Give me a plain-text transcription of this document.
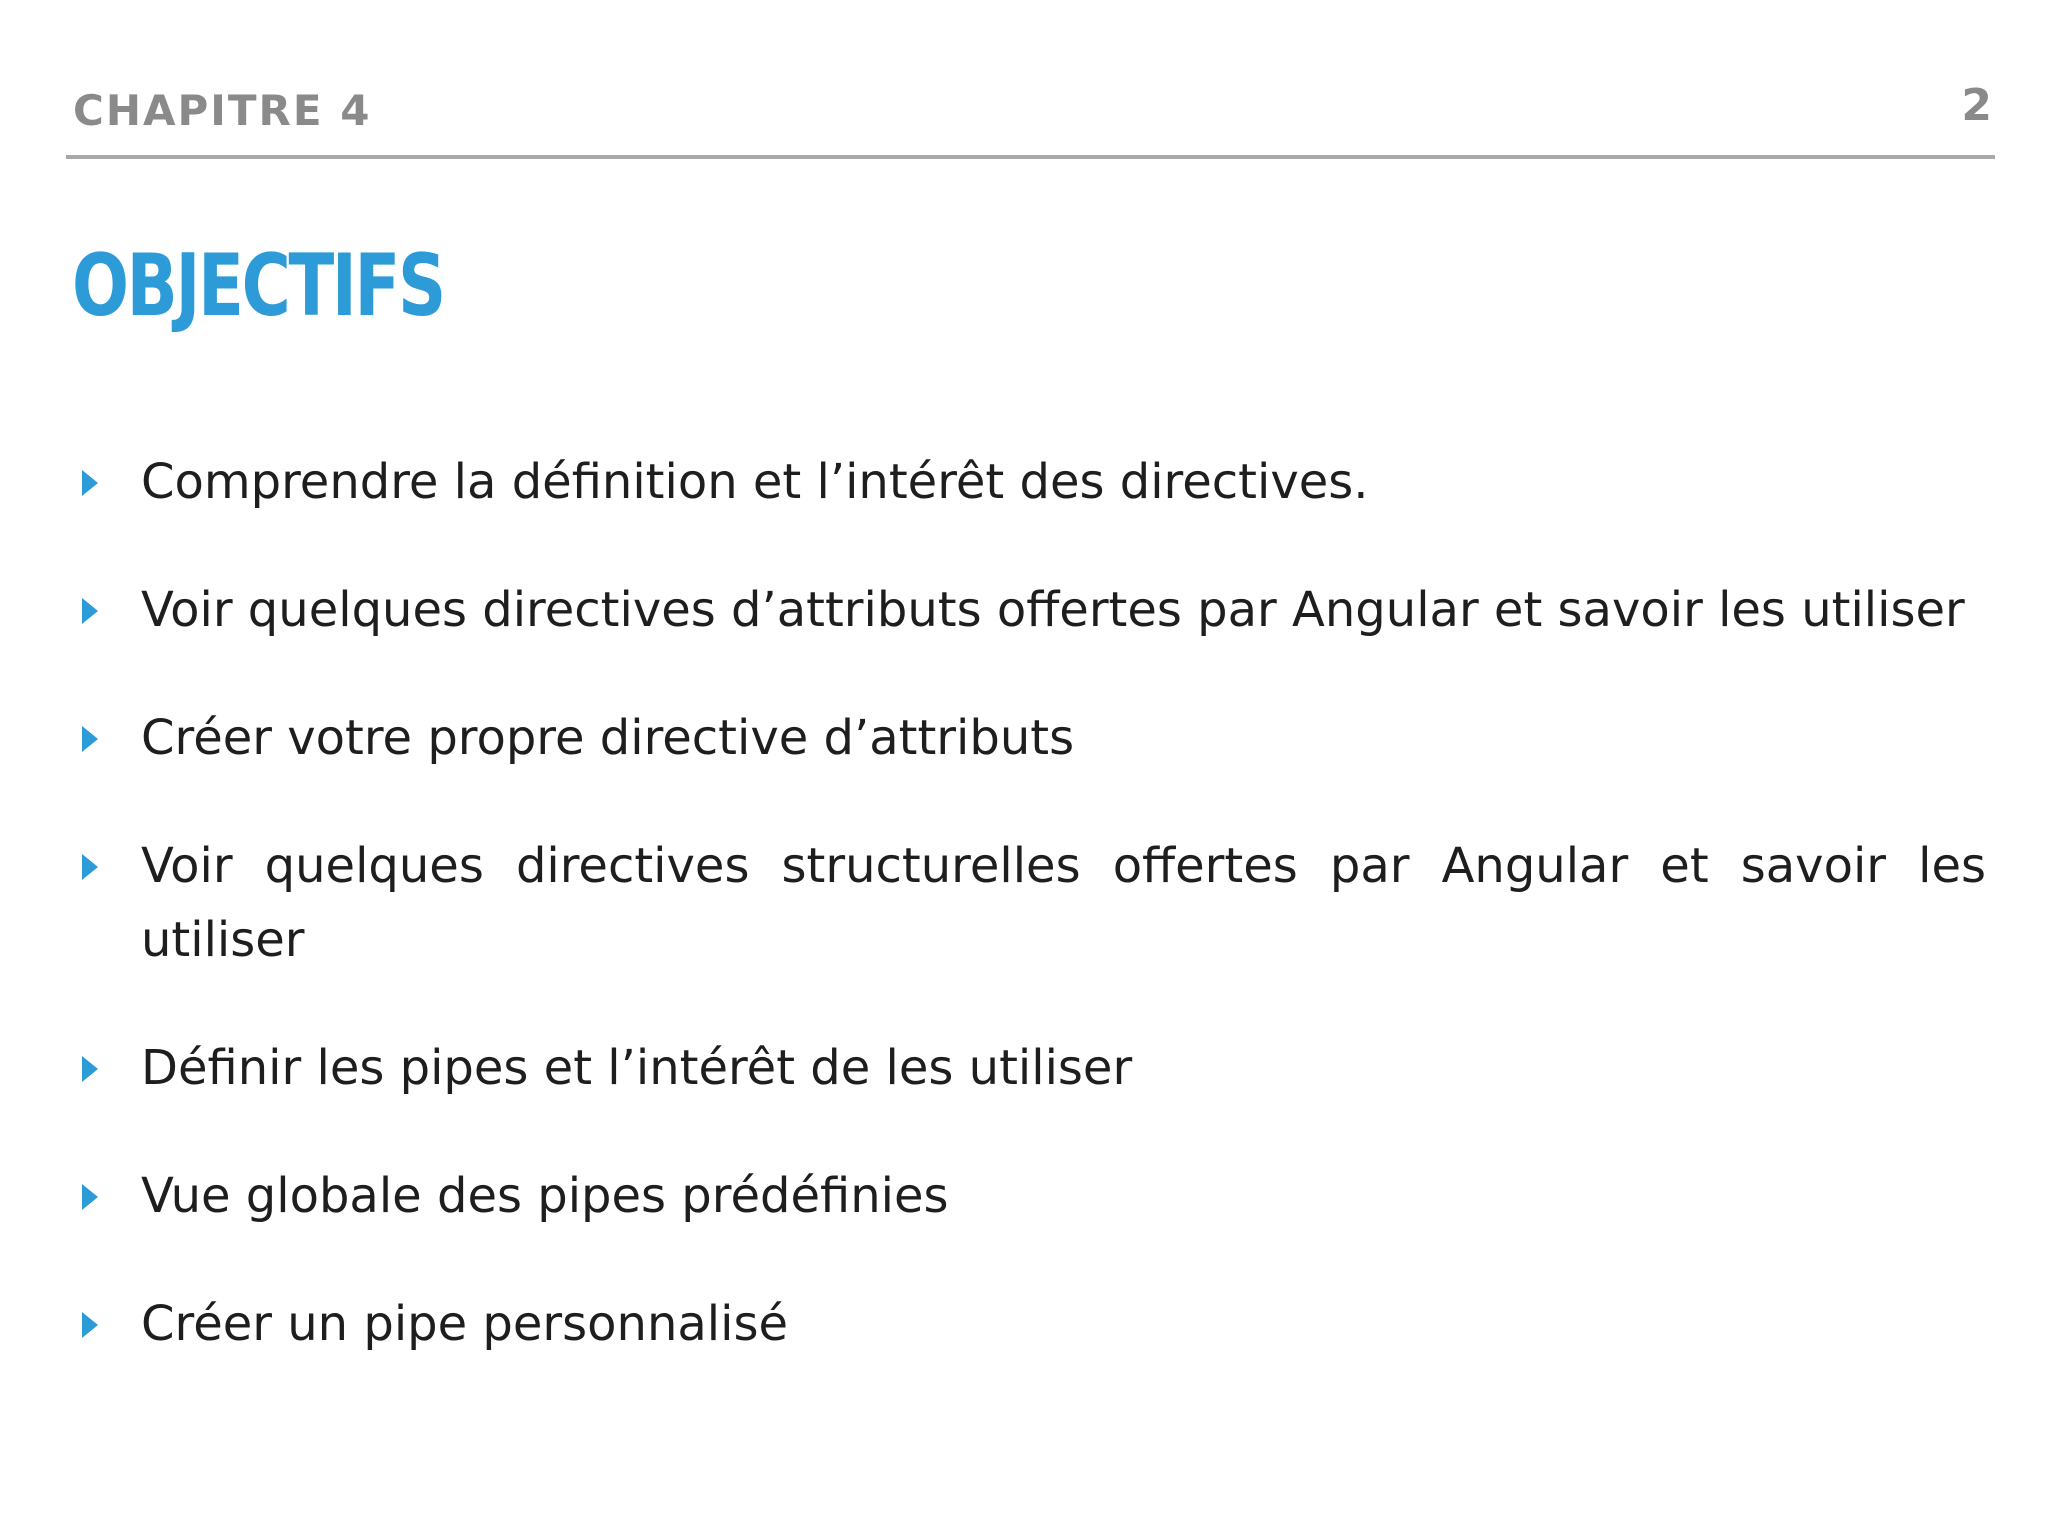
CHAPITRE 4	2
OBJECTIFS
Comprendre la définition et l’intérêt des directives.
Voir quelques directives d’attributs offertes par Angular et savoir les utiliser
Créer votre propre directive d’attributs
Voir quelques directives structurelles offertes par Angular et savoir les utiliser
Définir les pipes et l’intérêt de les utiliser
Vue globale des pipes prédéfinies
Créer un pipe personnalisé
